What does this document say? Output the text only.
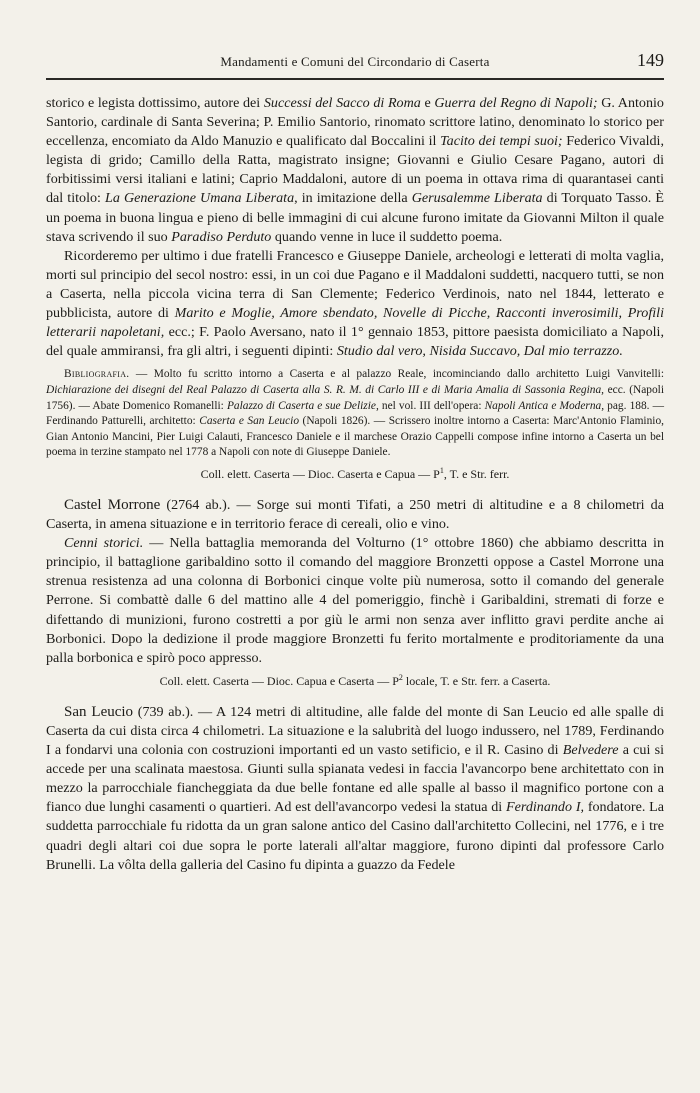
Mandamenti e Comuni del Circondario di Caserta	149

storico e legista dottissimo, autore dei Successi del Sacco di Roma e Guerra del Regno di Napoli; G. Antonio Santorio, cardinale di Santa Severina; P. Emilio Santorio, rinomato scrittore latino, denominato lo storico per eccellenza, encomiato da Aldo Manuzio e qualificato dal Boccalini il Tacito dei tempi suoi; Federico Vivaldi, legista di grido; Camillo della Ratta, magistrato insigne; Giovanni e Giulio Cesare Pagano, autori di forbitissimi versi italiani e latini; Caprio Maddaloni, autore di un poema in ottava rima di quarantasei canti dal titolo: La Generazione Umana Liberata, in imitazione della Gerusalemme Liberata di Torquato Tasso. È un poema in buona lingua e pieno di belle immagini di cui alcune furono imitate da Giovanni Milton il quale stava scrivendo il suo Paradiso Perduto quando venne in luce il suddetto poema.

Ricorderemo per ultimo i due fratelli Francesco e Giuseppe Daniele, archeologi e letterati di molta vaglia, morti sul principio del secol nostro: essi, in un coi due Pagano e il Maddaloni suddetti, nacquero tutti, se non a Caserta, nella piccola vicina terra di San Clemente; Federico Verdinois, nato nel 1844, letterato e pubblicista, autore di Marito e Moglie, Amore sbendato, Novelle di Picche, Racconti inverosimili, Profili letterarii napoletani, ecc.; F. Paolo Aversano, nato il 1° gennaio 1853, pittore paesista domiciliato a Napoli, del quale ammiransi, fra gli altri, i seguenti dipinti: Studio dal vero, Nisida Succavo, Dal mio terrazzo.

Bibliografia. — Molto fu scritto intorno a Caserta e al palazzo Reale, incominciando dallo architetto Luigi Vanvitelli: Dichiarazione dei disegni del Real Palazzo di Caserta alla S. R. M. di Carlo III e di Maria Amalia di Sassonia Regina, ecc. (Napoli 1756). — Abate Domenico Romanelli: Palazzo di Caserta e sue Delizie, nel vol. III dell'opera: Napoli Antica e Moderna, pag. 188. — Ferdinando Patturelli, architetto: Caserta e San Leucio (Napoli 1826). — Scrissero inoltre intorno a Caserta: Marc'Antonio Flaminio, Gian Antonio Mancini, Pier Luigi Calauti, Francesco Daniele e il marchese Orazio Cappelli compose infine intorno a Caserta un bel poema in terzine stampato nel 1778 a Napoli con note di Giuseppe Daniele.

Coll. elett. Caserta — Dioc. Caserta e Capua — $P^1$, T. e Str. ferr.

Castel Morrone (2764 ab.). — Sorge sui monti Tifati, a 250 metri di altitudine e a 8 chilometri da Caserta, in amena situazione e in territorio ferace di cereali, olio e vino.

Cenni storici. — Nella battaglia memoranda del Volturno (1° ottobre 1860) che abbiamo descritta in principio, il battaglione garibaldino sotto il comando del maggiore Bronzetti oppose a Castel Morrone una strenua resistenza ad una colonna di Borbonici cinque volte più numerosa, sotto il comando del generale Perrone. Si combattè dalle 6 del mattino alle 4 del pomeriggio, finchè i Garibaldini, stremati di forze e difettando di munizioni, furono costretti a por giù le armi non senza aver inflitto gravi perdite anche ai Borbonici. Dopo la dedizione il prode maggiore Bronzetti fu ferito mortalmente e proditoriamente da una palla borbonica e spirò poco appresso.

Coll. elett. Caserta — Dioc. Capua e Caserta — $P^2$ locale, T. e Str. ferr. a Caserta.

San Leucio (739 ab.). — A 124 metri di altitudine, alle falde del monte di San Leucio ed alle spalle di Caserta da cui dista circa 4 chilometri. La situazione e la salubrità del luogo indussero, nel 1789, Ferdinando I a fondarvi una colonia con costruzioni importanti ed un vasto setificio, e il R. Casino di Belvedere a cui si accede per una scalinata maestosa. Giunti sulla spianata vedesi in faccia l'avancorpo bene architettato con in mezzo la parrocchiale fiancheggiata da due belle fontane ed alle spalle al basso il magnifico portone con a fianco due lunghi casamenti o quartieri. Ad est dell'avancorpo vedesi la statua di Ferdinando I, fondatore. La suddetta parrocchiale fu ridotta da un gran salone antico del Casino dall'architetto Collecini, nel 1776, e i tre quadri degli altari coi due sopra le porte laterali all'altar maggiore, furono dipinti dal professore Carlo Brunelli. La vôlta della galleria del Casino fu dipinta a guazzo da Fedele
